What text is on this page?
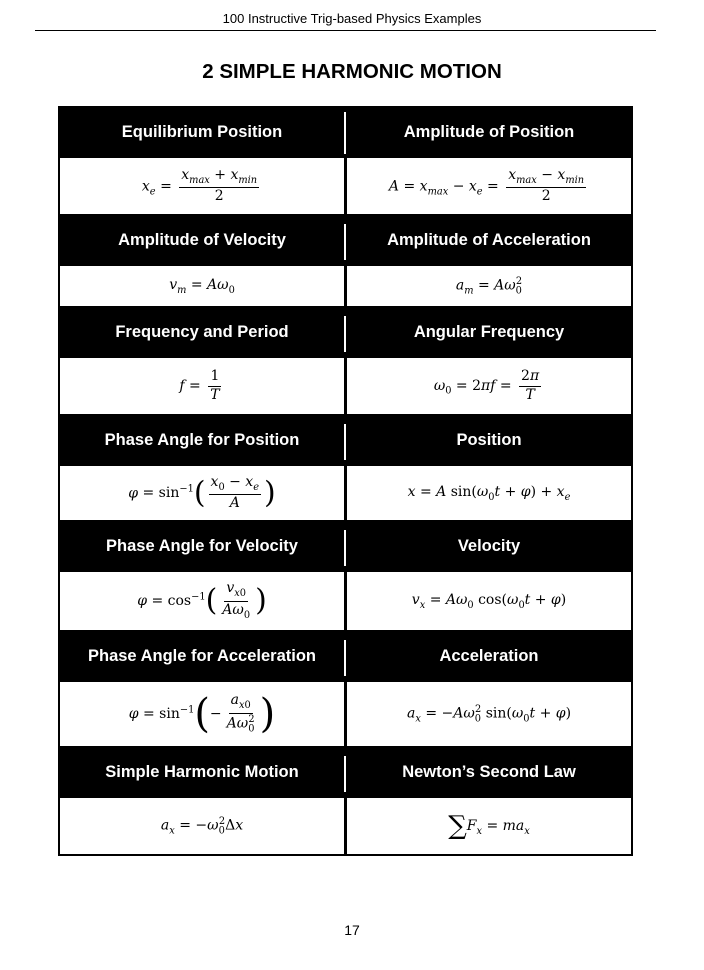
100 Instructive Trig-based Physics Examples
2 SIMPLE HARMONIC MOTION
Equilibrium Position	Amplitude of Position
$x_e = \frac{x_{max} + x_{min}}{2}$	$A = x_{max} - x_e = \frac{x_{max} - x_{min}}{2}$
Amplitude of Velocity	Amplitude of Acceleration
$v_m = A\omega_0$	$a_m = A\omega_0^2$
Frequency and Period	Angular Frequency
$f = \frac{1}{T}$	$\omega_0 = 2\pi f = \frac{2\pi}{T}$
Phase Angle for Position	Position
$\varphi = \sin^{-1}( \frac{x_0 - x_e}{A}$ )	x = A $\sin(\omega_0t + \varphi) + x_e$
Phase Angle for Velocity	Velocity
$\varphi = \cos^{-1}( \frac{v_{x0}}{A\omega_0}$ )	$v_x = A\omega_0$ $\cos(\omega_0t + \varphi)$
Phase Angle for Acceleration	Acceleration
$\varphi = \sin^{-1}(- \frac{a_{x0}}{A\omega_0^2}$ )	$a_x = -A\omega_0^2$ $\sin(\omega_0t + \varphi)$
Simple Harmonic Motion	Newton’s Second Law
$a_x = -\omega_0^2\Delta x$	$\sum F_x = ma_x$
17
